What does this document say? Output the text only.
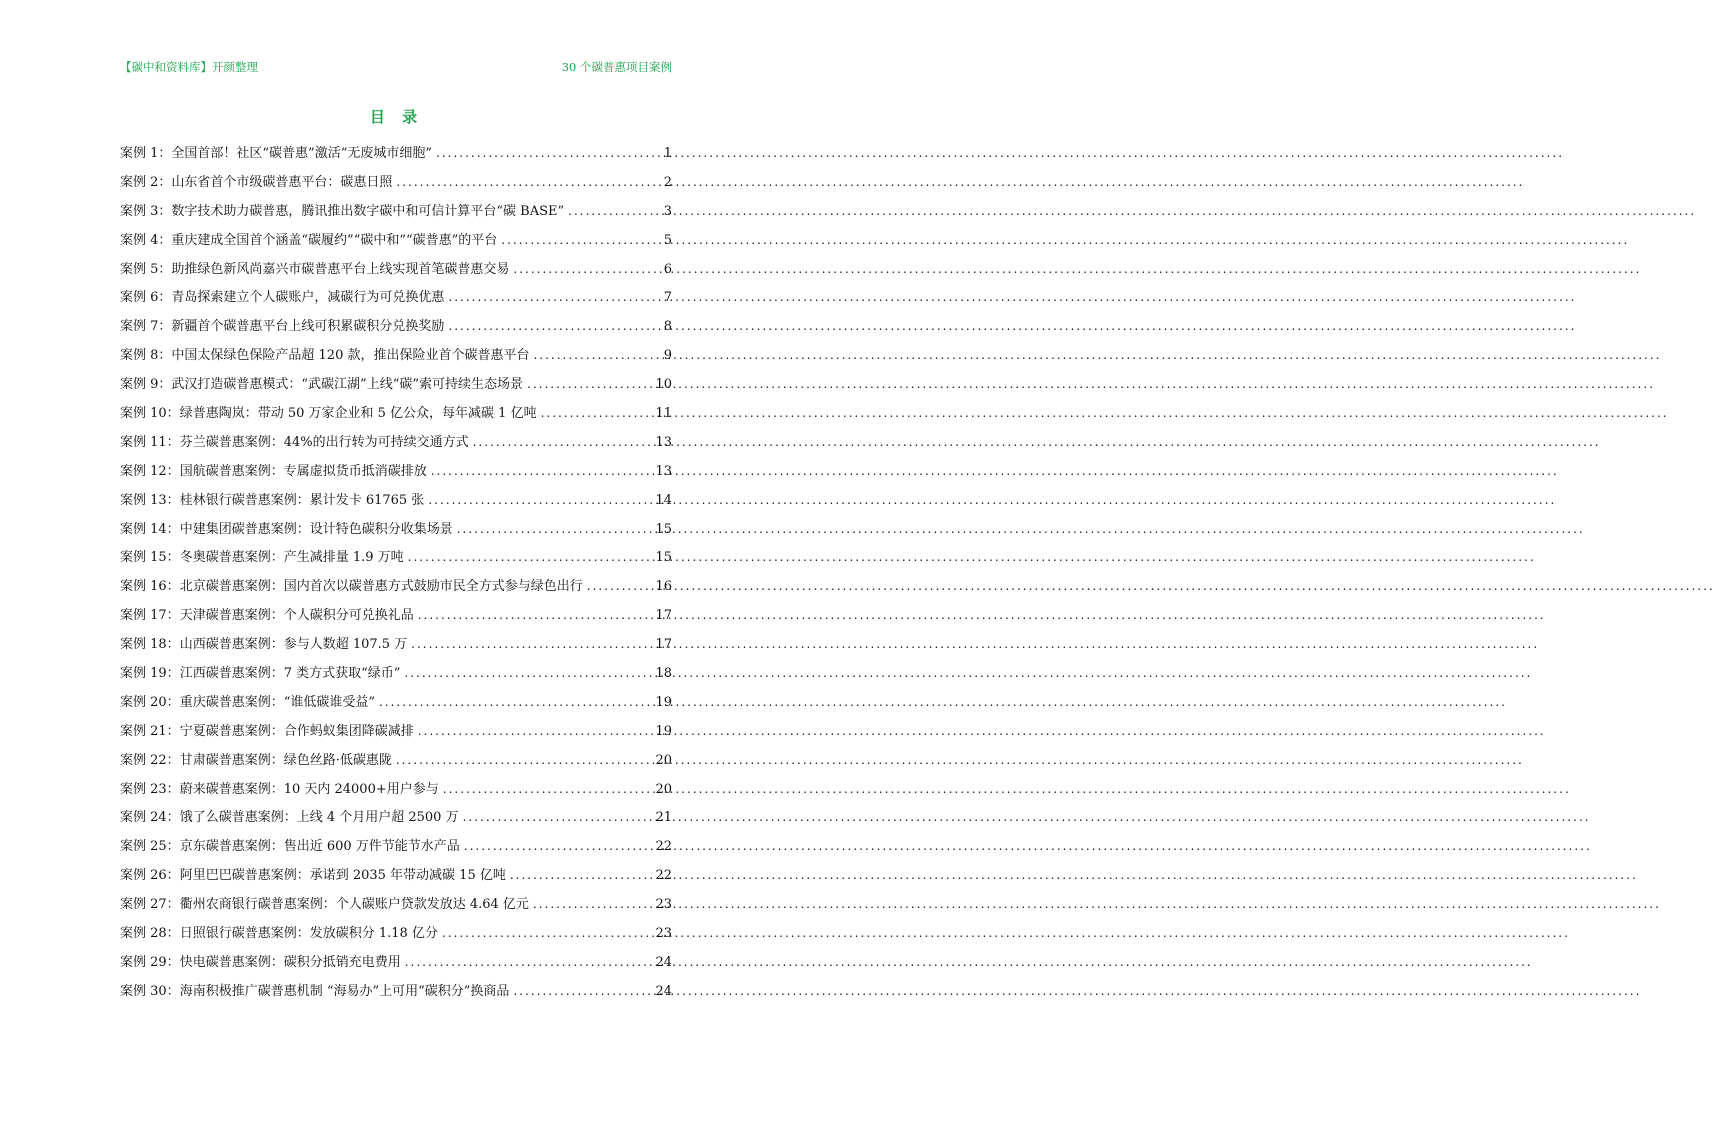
【碳中和资料库】开颜整理	30 个碳普惠项目案例
目 录
案例 1： 全国首部！社区“碳普惠”激活“无废城市细胞” .....	1
案例 2： 山东省首个市级碳普惠平台：碳惠日照 .....	2
案例 3： 数字技术助力碳普惠，腾讯推出数字碳中和可信计算平台“碳 BASE” .....	3
案例 4： 重庆建成全国首个涵盖“碳履约”“碳中和”“碳普惠”的平台 .....	5
案例 5： 助推绿色新风尚嘉兴市碳普惠平台上线实现首笔碳普惠交易 .....	6
案例 6： 青岛探索建立个人碳账户，减碳行为可兑换优惠 .....	7
案例 7： 新疆首个碳普惠平台上线可积累碳积分兑换奖励 .....	8
案例 8： 中国太保绿色保险产品超 120 款，推出保险业首个碳普惠平台 .....	9
案例 9： 武汉打造碳普惠模式：“武碳江湖”上线“碳”索可持续生态场景 .....	10
案例 10： 绿普惠陶岚：带动 50 万家企业和 5 亿公众，每年减碳 1 亿吨 .....	11
案例 11： 芬兰碳普惠案例：44%的出行转为可持续交通方式 .....	13
案例 12： 国航碳普惠案例：专属虚拟货币抵消碳排放 .....	13
案例 13： 桂林银行碳普惠案例：累计发卡 61765 张 .....	14
案例 14： 中建集团碳普惠案例：设计特色碳积分收集场景 .....	15
案例 15： 冬奥碳普惠案例：产生减排量 1.9 万吨 .....	15
案例 16： 北京碳普惠案例：国内首次以碳普惠方式鼓励市民全方式参与绿色出行 .....	16
案例 17： 天津碳普惠案例：个人碳积分可兑换礼品 .....	17
案例 18： 山西碳普惠案例：参与人数超 107.5 万 .....	17
案例 19： 江西碳普惠案例：7 类方式获取“绿币” .....	18
案例 20： 重庆碳普惠案例：“谁低碳谁受益” .....	19
案例 21： 宁夏碳普惠案例：合作蚂蚁集团降碳减排 .....	19
案例 22： 甘肃碳普惠案例：绿色丝路·低碳惠陇 .....	20
案例 23： 蔚来碳普惠案例：10 天内 24000+用户参与 .....	20
案例 24： 饿了么碳普惠案例：上线 4 个月用户超 2500 万 .....	21
案例 25： 京东碳普惠案例：售出近 600 万件节能节水产品 .....	22
案例 26： 阿里巴巴碳普惠案例：承诺到 2035 年带动减碳 15 亿吨 .....	22
案例 27： 衢州农商银行碳普惠案例：个人碳账户贷款发放达 4.64 亿元 .....	23
案例 28： 日照银行碳普惠案例：发放碳积分 1.18 亿分 .....	23
案例 29： 快电碳普惠案例：碳积分抵销充电费用 .....	24
案例 30： 海南积极推广碳普惠机制 “海易办”上可用“碳积分”换商品 .....	24
